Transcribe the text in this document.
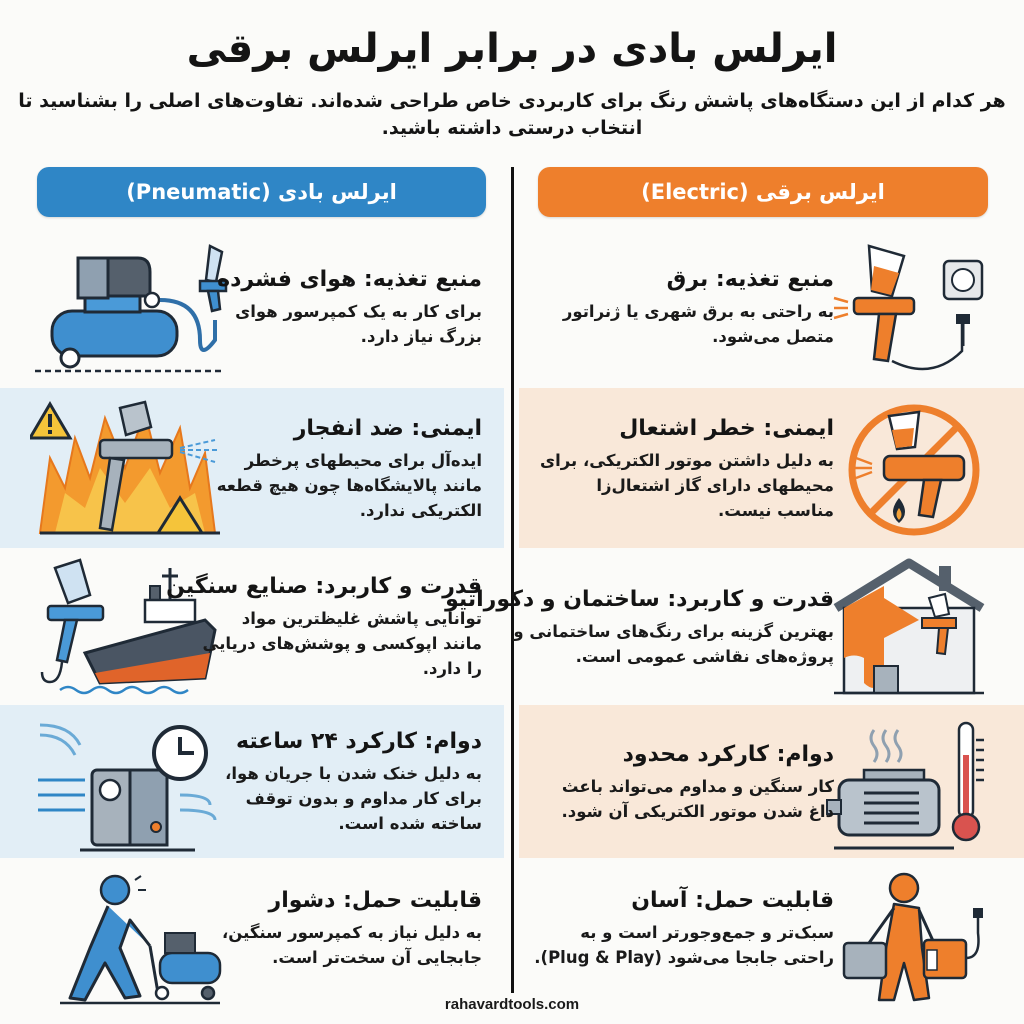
ایرلس بادی در برابر ایرلس برقی

هر کدام از این دستگاه‌های پاشش رنگ برای کاربردی خاص طراحی شده‌اند. تفاوت‌های اصلی را بشناسید تا انتخاب درستی داشته باشید.

ایرلس بادی (Pneumatic)	ایرلس برقی (Electric)
منبع تغذیه: هوای فشرده
برای کار به یک کمپرسور هوای بزرگ نیاز دارد.
ایمنی: ضد انفجار
ایده‌آل برای محیطهای پرخطر مانند پالایشگاه‌ها چون هیچ قطعه الکتریکی ندارد.
قدرت و کاربرد: صنایع سنگین
توانایی پاشش غلیظترین مواد مانند اپوکسی و پوشش‌های دریایی را دارد.
دوام: کارکرد ۲۴ ساعته
به دلیل خنک شدن با جریان هوا، برای کار مداوم و بدون توقف ساخته شده است.
قابلیت حمل: دشوار
به دلیل نیاز به کمپرسور سنگین، جابجایی آن سخت‌تر است.
منبع تغذیه: برق
به راحتی به برق شهری یا ژنراتور متصل می‌شود.
ایمنی: خطر اشتعال
به دلیل داشتن موتور الکتریکی، برای محیطهای دارای گاز اشتعال‌زا مناسب نیست.
قدرت و کاربرد: ساختمان و دکوراتیو
بهترین گزینه برای رنگ‌های ساختمانی و پروژه‌های نقاشی عمومی است.
دوام: کارکرد محدود
کار سنگین و مداوم می‌تواند باعث داغ شدن موتور الکتریکی آن شود.
قابلیت حمل: آسان
سبک‌تر و جمع‌وجورتر است و به راحتی جابجا می‌شود (Plug & Play).
rahavardtools.com
